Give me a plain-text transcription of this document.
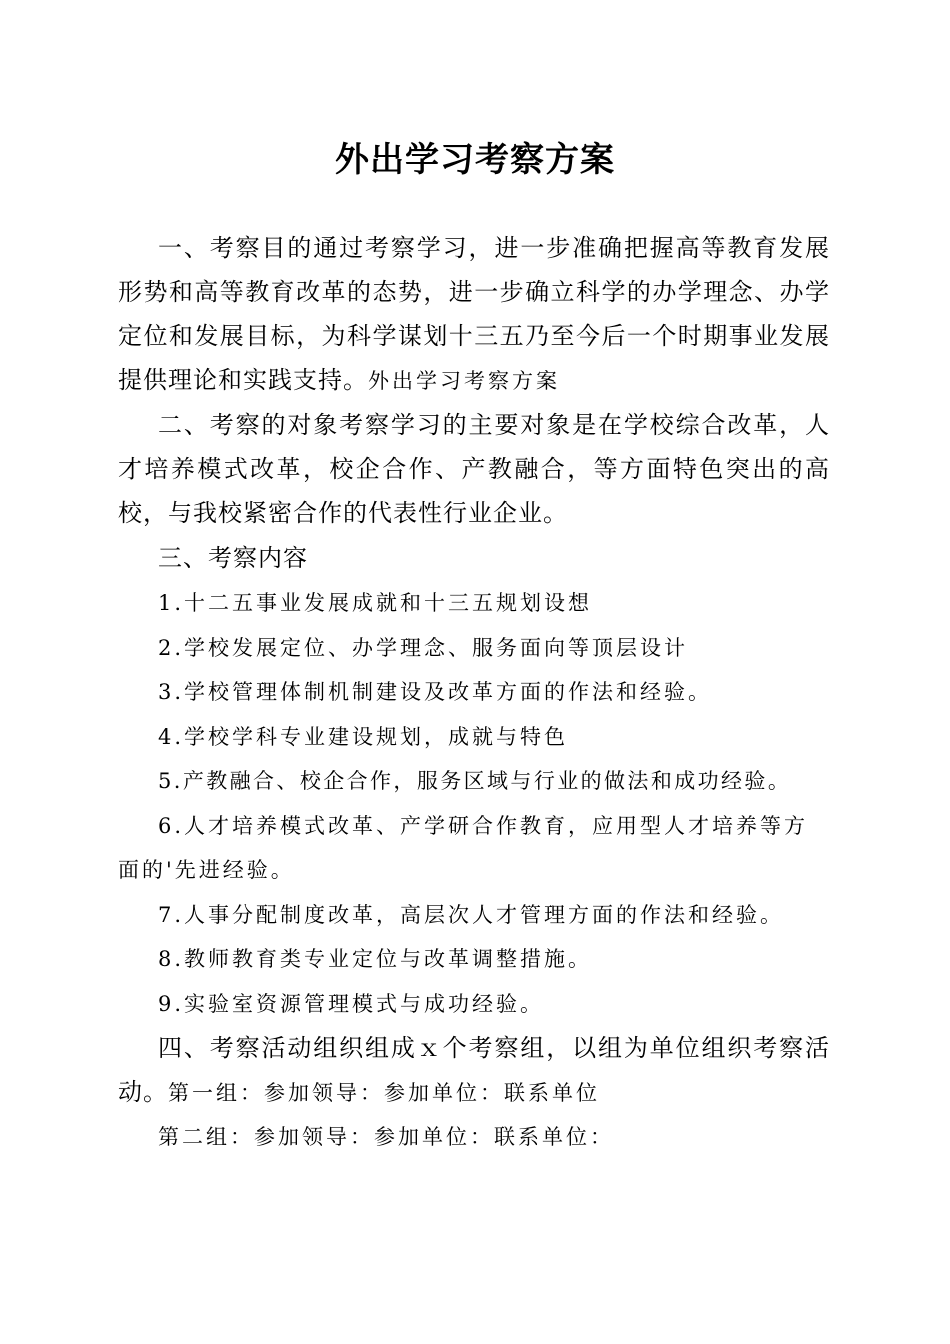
外出学习考察方案

一、考察目的通过考察学习，进一步准确把握高等教育发展形势和高等教育改革的态势，进一步确立科学的办学理念、办学定位和发展目标，为科学谋划十三五乃至今后一个时期事业发展提供理论和实践支持。外出学习考察方案

二、考察的对象考察学习的主要对象是在学校综合改革，人才培养模式改革，校企合作、产教融合，等方面特色突出的高校，与我校紧密合作的代表性行业企业。

三、考察内容

1.十二五事业发展成就和十三五规划设想

2.学校发展定位、办学理念、服务面向等顶层设计

3.学校管理体制机制建设及改革方面的作法和经验。

4.学校学科专业建设规划，成就与特色

5.产教融合、校企合作，服务区域与行业的做法和成功经验。

6.人才培养模式改革、产学研合作教育，应用型人才培养等方面的'先进经验。

7.人事分配制度改革，高层次人才管理方面的作法和经验。

8.教师教育类专业定位与改革调整措施。

9.实验室资源管理模式与成功经验。

四、考察活动组织组成ｘ个考察组，以组为单位组织考察活动。第一组：参加领导：参加单位：联系单位

第二组：参加领导：参加单位：联系单位：
